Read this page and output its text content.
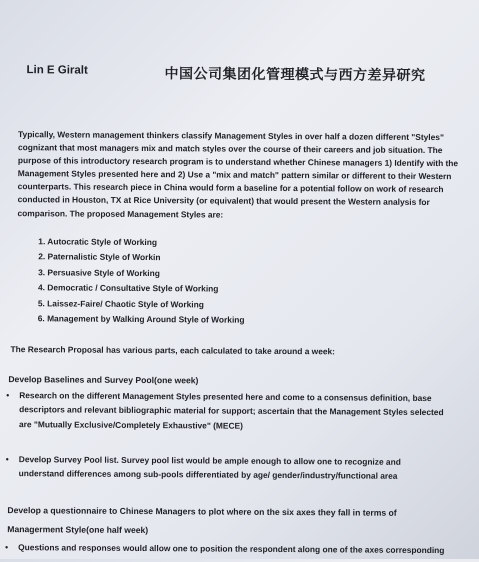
Lin E Giralt	中国公司集团化管理模式与西方差异研究

Typically, Western management thinkers classify Management Styles in over half a dozen different "Styles" cognizant that most managers mix and match styles over the course of their careers and job situation. The purpose of this introductory research program is to understand whether Chinese managers 1) Identify with the Management Styles presented here and 2) Use a "mix and match" pattern similar or different to their Western counterparts. This research piece in China would form a baseline for a potential follow on work of research conducted in Houston, TX at Rice University (or equivalent) that would present the Western analysis for comparison. The proposed Management Styles are:

1. Autocratic Style of Working
2. Paternalistic Style of Workin
3. Persuasive Style of Working
4. Democratic / Consultative Style of Working
5. Laissez-Faire/ Chaotic Style of Working
6. Management by Walking Around Style of Working

The Research Proposal has various parts, each calculated to take around a week:

Develop Baselines and Survey Pool(one week)

•	Research on the different Management Styles presented here and come to a consensus definition, base
descriptors and relevant bibliographic material for support; ascertain that the Management Styles selected
are "Mutually Exclusive/Completely Exhaustive" (MECE)
•	Develop Survey Pool list. Survey pool list would be ample enough to allow one to recognize and
understand differences among sub-pools differentiated by age/ gender/industry/functional area

Develop a questionnaire to Chinese Managers to plot where on the six axes they fall in terms of

Managerment Style(one half week)

•	Questions and responses would allow one to position the respondent along one of the axes corresponding
